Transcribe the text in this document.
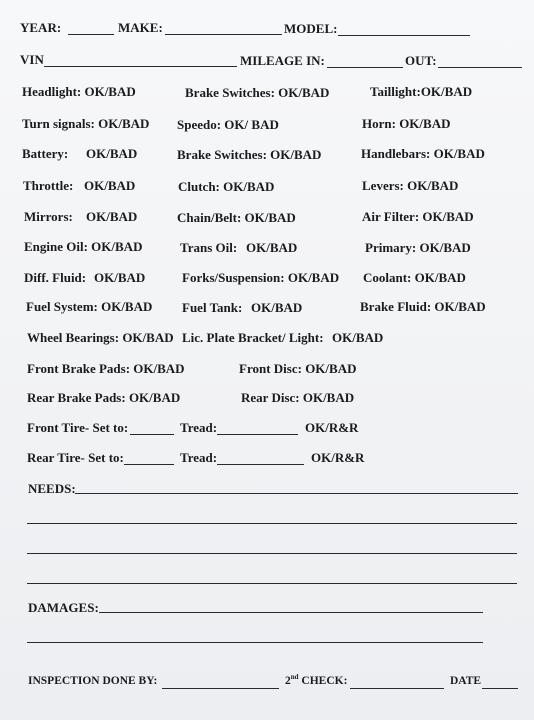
YEAR:	MAKE:	MODEL:
VIN	MILEAGE IN:	OUT:
Headlight: OK/BAD	Brake Switches: OK/BAD	Taillight:OK/BAD
Turn signals: OK/BAD Speedo: OK/ BAD	Horn: OK/BAD
Battery: OK/BAD	Brake Switches: OK/BAD	Handlebars: OK/BAD
Throttle: OK/BAD	Clutch: OK/BAD	Levers: OK/BAD
Mirrors: OK/BAD	Chain/Belt: OK/BAD	Air Filter: OK/BAD
Engine Oil: OK/BAD	Trans Oil: OK/BAD	Primary: OK/BAD
Diff. Fluid: OK/BAD	Forks/Suspension: OK/BAD Coolant: OK/BAD
Fuel System: OK/BAD Fuel Tank: OK/BAD	Brake Fluid: OK/BAD
Wheel Bearings: OK/BAD Lic. Plate Bracket/ Light: OK/BAD
Front Brake Pads: OK/BAD	Front Disc: OK/BAD
Rear Brake Pads: OK/BAD	Rear Disc: OK/BAD
Front Tire- Set to:	Tread:	OK/R&R
Rear Tire- Set to:	Tread:	OK/R&R
NEEDS:
DAMAGES:
INSPECTION DONE BY:	2nd CHECK:	DATE
